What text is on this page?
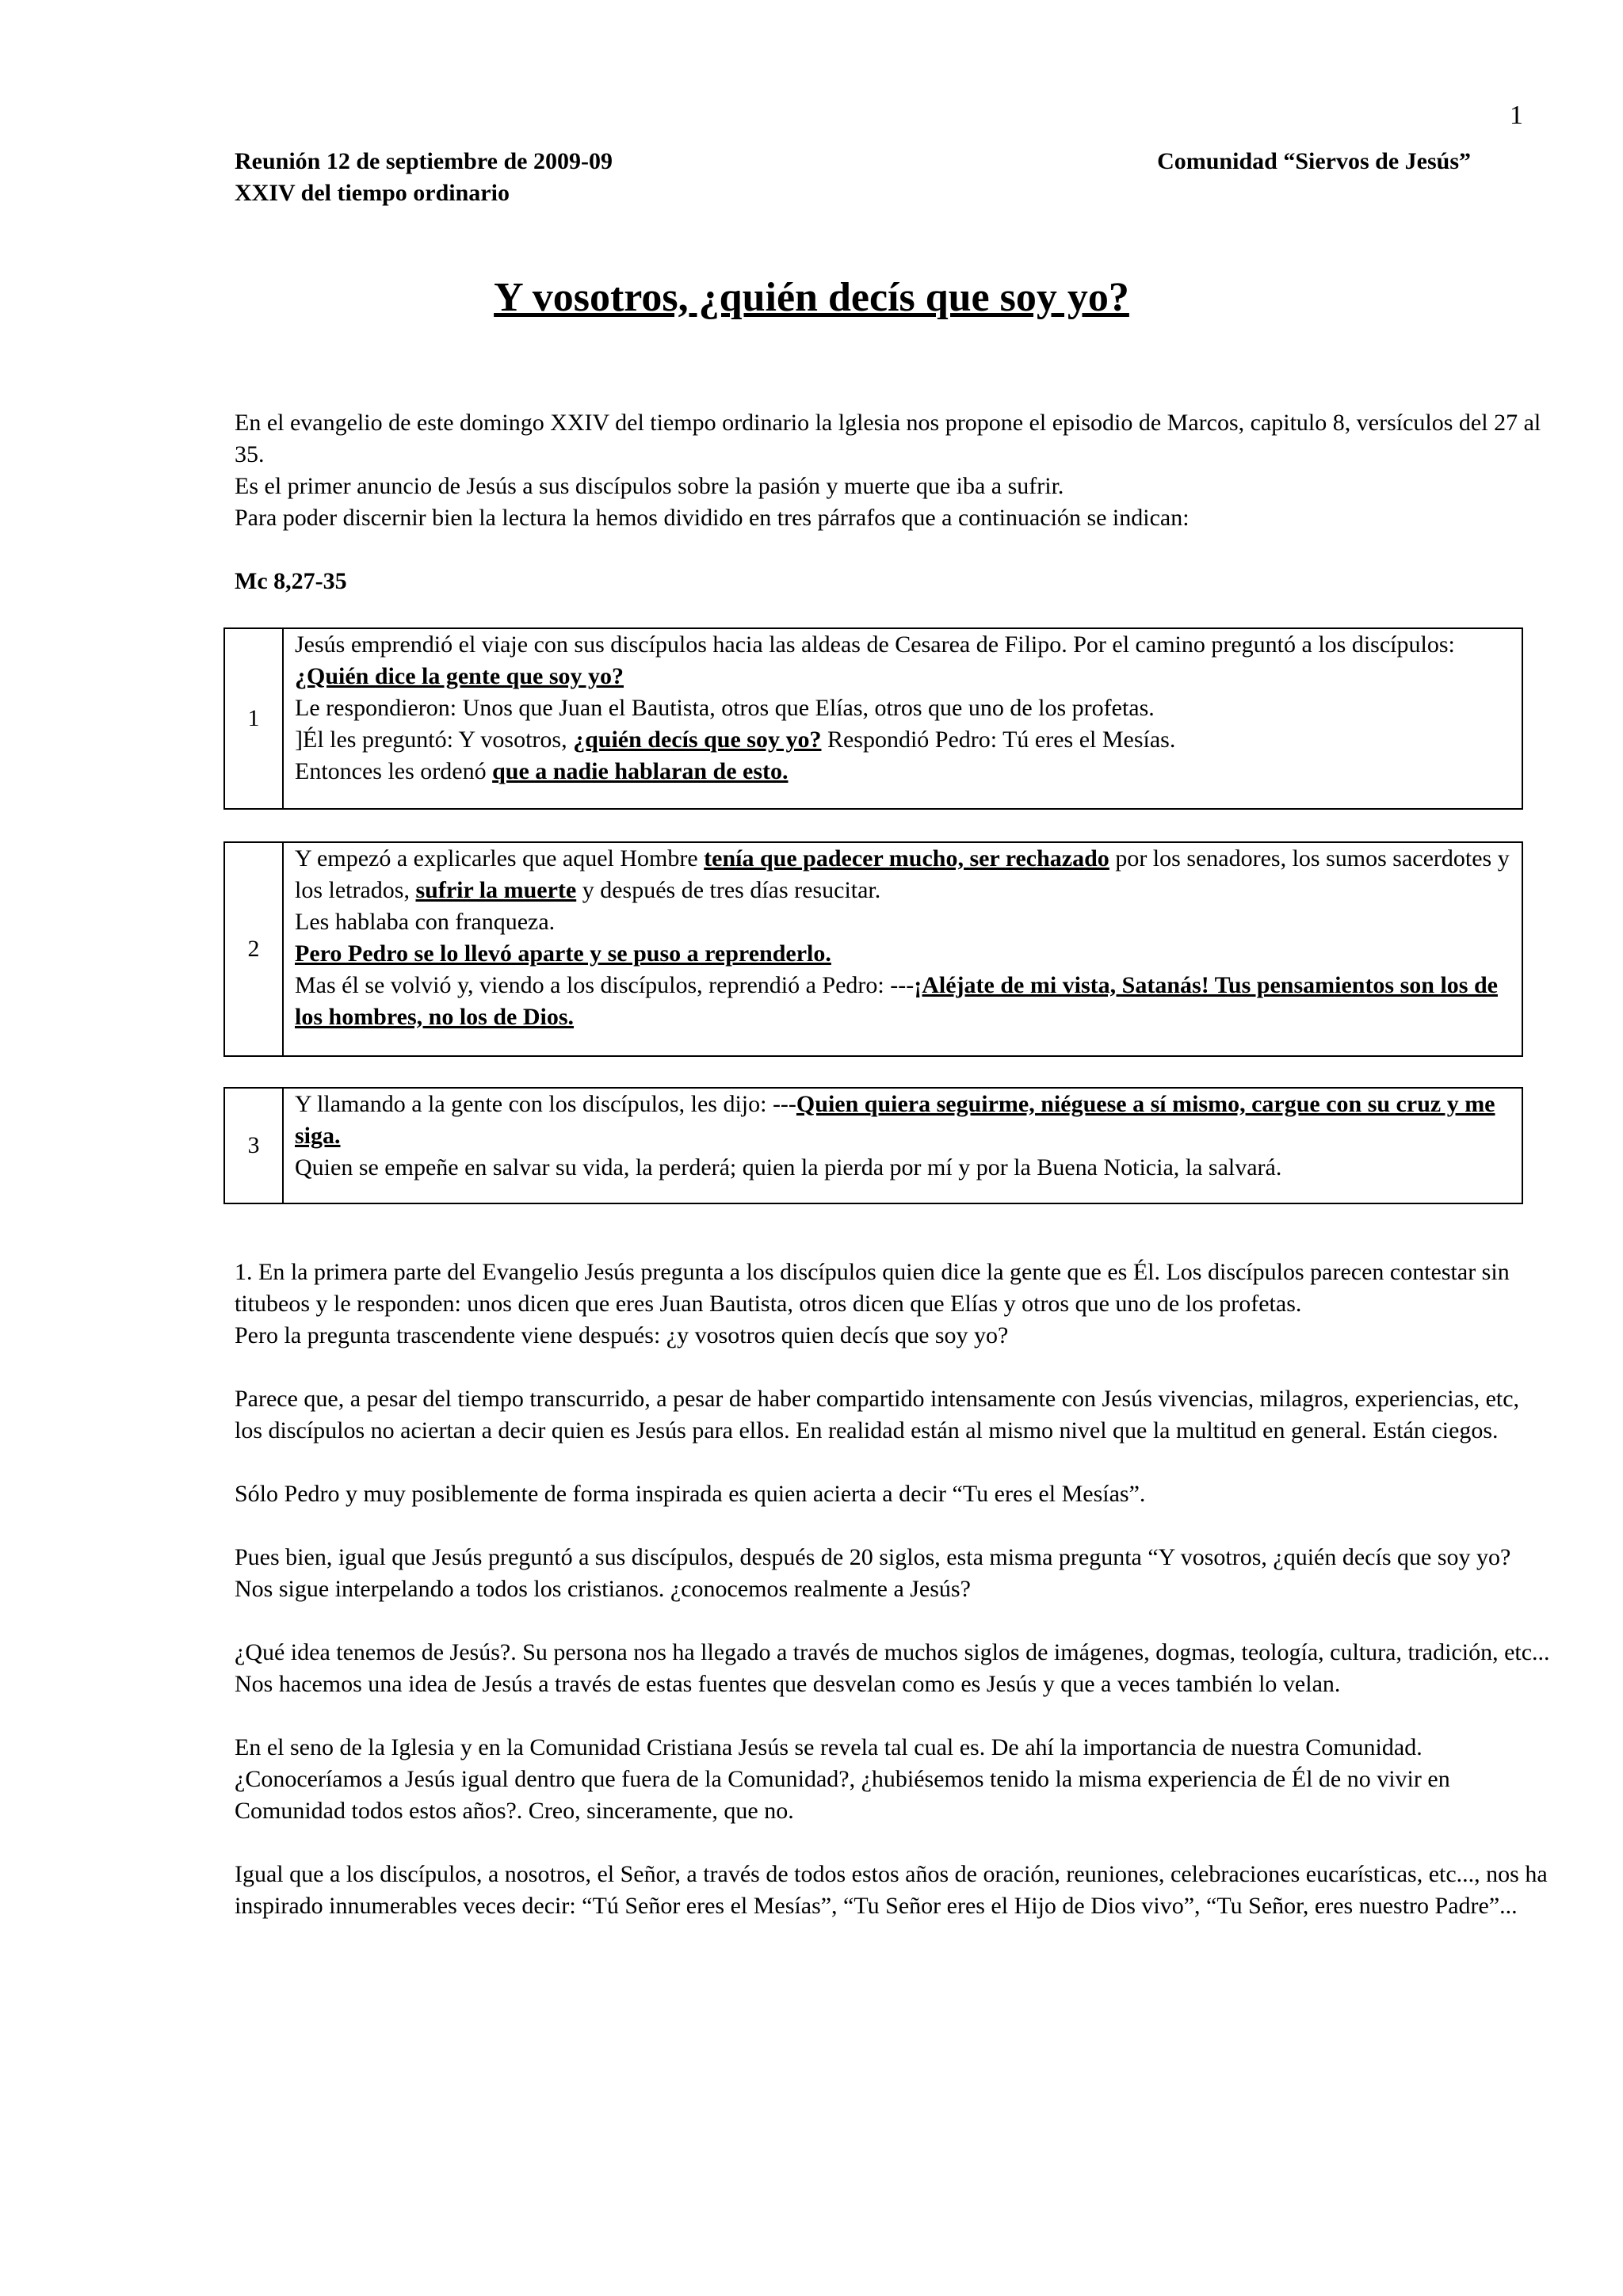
1
Reunión 12 de septiembre de 2009-09
XXIV del tiempo ordinario
Comunidad “Siervos de Jesús”
Y vosotros, ¿quién decís que soy yo?

En el evangelio de este domingo XXIV del tiempo ordinario la lglesia nos propone el episodio de Marcos, capitulo 8, versículos del 27 al 35.

Es el primer anuncio de Jesús a sus discípulos sobre la pasión y muerte que iba a sufrir.

Para poder discernir bien la lectura la hemos dividido en tres párrafos que a continuación se indican:

Mc 8,27-35
1

Jesús emprendió el viaje con sus discípulos hacia las aldeas de Cesarea de Filipo. Por el camino preguntó a los discípulos: ¿Quién dice la gente que soy yo?

Le respondieron: Unos que Juan el Bautista, otros que Elías, otros que uno de los profetas.

]Él les preguntó: Y vosotros, ¿quién decís que soy yo? Respondió Pedro: Tú eres el Mesías.

Entonces les ordenó que a nadie hablaran de esto.

2

Y empezó a explicarles que aquel Hombre tenía que padecer mucho, ser rechazado por los senadores, los sumos sacerdotes y los letrados, sufrir la muerte y después de tres días resucitar.

Les hablaba con franqueza.

Pero Pedro se lo llevó aparte y se puso a reprenderlo.

Mas él se volvió y, viendo a los discípulos, reprendió a Pedro: ---¡Aléjate de mi vista, Satanás! Tus pensamientos son los de los hombres, no los de Dios.

3

Y llamando a la gente con los discípulos, les dijo: ---Quien quiera seguirme, niéguese a sí mismo, cargue con su cruz y me siga.

Quien se empeñe en salvar su vida, la perderá; quien la pierda por mí y por la Buena Noticia, la salvará.

1. En la primera parte del Evangelio Jesús pregunta a los discípulos quien dice la gente que es Él. Los discípulos parecen contestar sin titubeos y le responden: unos dicen que eres Juan Bautista, otros dicen que Elías y otros que uno de los profetas.

Pero la pregunta trascendente viene después: ¿y vosotros quien decís que soy yo?

Parece que, a pesar del tiempo transcurrido, a pesar de haber compartido intensamente con Jesús vivencias, milagros, experiencias, etc, los discípulos no aciertan a decir quien es Jesús para ellos. En realidad están al mismo nivel que la multitud en general. Están ciegos.

Sólo Pedro y muy posiblemente de forma inspirada es quien acierta a decir “Tu eres el Mesías”.

Pues bien, igual que Jesús preguntó a sus discípulos, después de 20 siglos, esta misma pregunta “Y vosotros, ¿quién decís que soy yo? Nos sigue interpelando a todos los cristianos. ¿conocemos realmente a Jesús?

¿Qué idea tenemos de Jesús?. Su persona nos ha llegado a través de muchos siglos de imágenes, dogmas, teología, cultura, tradición, etc... Nos hacemos una idea de Jesús a través de estas fuentes que desvelan como es Jesús y que a veces también lo velan.

En el seno de la Iglesia y en la Comunidad Cristiana Jesús se revela tal cual es. De ahí la importancia de nuestra Comunidad. ¿Conoceríamos a Jesús igual dentro que fuera de la Comunidad?, ¿hubiésemos tenido la misma experiencia de Él de no vivir en Comunidad todos estos años?. Creo, sinceramente, que no.

Igual que a los discípulos, a nosotros, el Señor, a través de todos estos años de oración, reuniones, celebraciones eucarísticas, etc..., nos ha inspirado innumerables veces decir: “Tú Señor eres el Mesías”, “Tu Señor eres el Hijo de Dios vivo”, “Tu Señor, eres nuestro Padre”...
